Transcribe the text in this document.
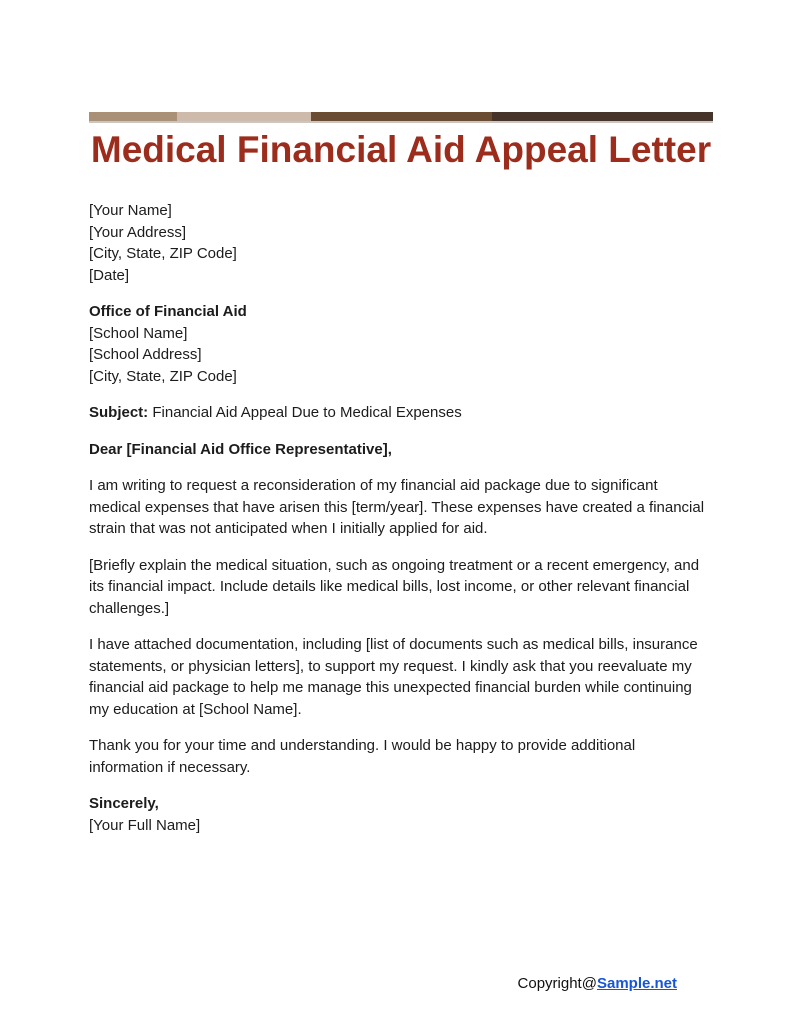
Medical Financial Aid Appeal Letter

[Your Name]
[Your Address]
[City, State, ZIP Code]
[Date]

Office of Financial Aid
[School Name]
[School Address]
[City, State, ZIP Code]

Subject: Financial Aid Appeal Due to Medical Expenses

Dear [Financial Aid Office Representative],

I am writing to request a reconsideration of my financial aid package due to significant medical expenses that have arisen this [term/year]. These expenses have created a financial strain that was not anticipated when I initially applied for aid.

[Briefly explain the medical situation, such as ongoing treatment or a recent emergency, and its financial impact. Include details like medical bills, lost income, or other relevant financial challenges.]

I have attached documentation, including [list of documents such as medical bills, insurance statements, or physician letters], to support my request. I kindly ask that you reevaluate my financial aid package to help me manage this unexpected financial burden while continuing my education at [School Name].

Thank you for your time and understanding. I would be happy to provide additional information if necessary.

Sincerely,
[Your Full Name]

Copyright@Sample.net
